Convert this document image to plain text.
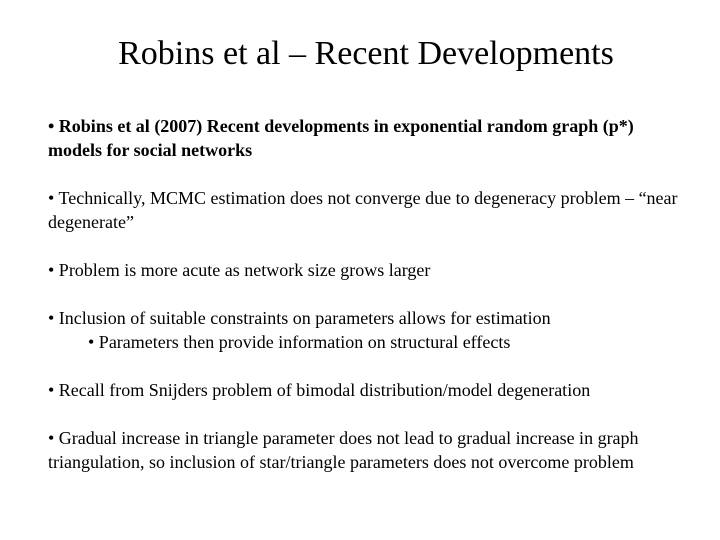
Robins et al – Recent Developments
• Robins et al (2007) Recent developments in exponential random graph (p*) models for social networks
• Technically, MCMC estimation does not converge due to degeneracy problem – “near degenerate”
• Problem is more acute as network size grows larger
• Inclusion of suitable constraints on parameters allows for estimation
• Parameters then provide information on structural effects
• Recall from Snijders problem of bimodal distribution/model degeneration
• Gradual increase in triangle parameter does not lead to gradual increase in graph triangulation, so inclusion of star/triangle parameters does not overcome problem
